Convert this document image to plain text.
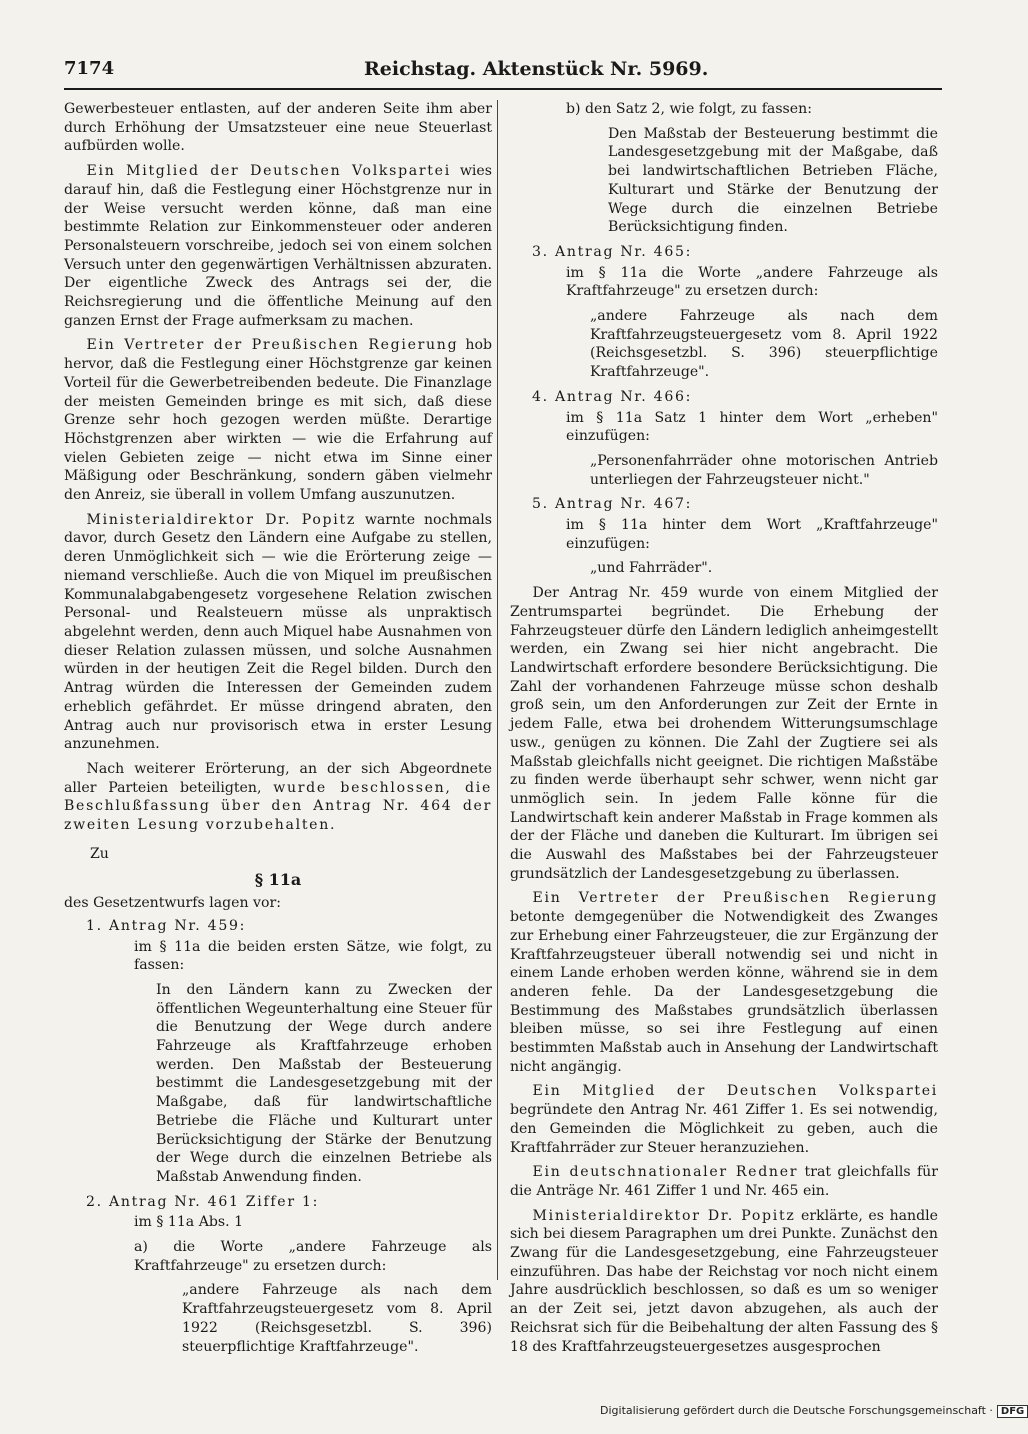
7174	Reichstag. Aktenstück Nr. 5969.

Gewerbesteuer entlasten, auf der anderen Seite ihm aber durch Erhöhung der Umsatzsteuer eine neue Steuerlast aufbürden wolle.

Ein Mitglied der Deutschen Volkspartei wies darauf hin, daß die Festlegung einer Höchstgrenze nur in der Weise versucht werden könne, daß man eine bestimmte Relation zur Einkommensteuer oder anderen Personalsteuern vorschreibe, jedoch sei von einem solchen Versuch unter den gegenwärtigen Verhältnissen abzuraten. Der eigentliche Zweck des Antrags sei der, die Reichsregierung und die öffentliche Meinung auf den ganzen Ernst der Frage aufmerksam zu machen.

Ein Vertreter der Preußischen Regierung hob hervor, daß die Festlegung einer Höchstgrenze gar keinen Vorteil für die Gewerbetreibenden bedeute. Die Finanzlage der meisten Gemeinden bringe es mit sich, daß diese Grenze sehr hoch gezogen werden müßte. Derartige Höchstgrenzen aber wirkten — wie die Erfahrung auf vielen Gebieten zeige — nicht etwa im Sinne einer Mäßigung oder Beschränkung, sondern gäben vielmehr den Anreiz, sie überall in vollem Umfang auszunutzen.

Ministerialdirektor Dr. Popitz warnte nochmals davor, durch Gesetz den Ländern eine Aufgabe zu stellen, deren Unmöglichkeit sich — wie die Erörterung zeige — niemand verschließe. Auch die von Miquel im preußischen Kommunalabgabengesetz vorgesehene Relation zwischen Personal- und Realsteuern müsse als unpraktisch abgelehnt werden, denn auch Miquel habe Ausnahmen von dieser Relation zulassen müssen, und solche Ausnahmen würden in der heutigen Zeit die Regel bilden. Durch den Antrag würden die Interessen der Gemeinden zudem erheblich gefährdet. Er müsse dringend abraten, den Antrag auch nur provisorisch etwa in erster Lesung anzunehmen.

Nach weiterer Erörterung, an der sich Abgeordnete aller Parteien beteiligten, wurde beschlossen, die Beschlußfassung über den Antrag Nr. 464 der zweiten Lesung vorzubehalten.

Zu
§ 11a
des Gesetzentwurfs lagen vor:
1. Antrag Nr. 459:

im § 11a die beiden ersten Sätze, wie folgt, zu fassen:

In den Ländern kann zu Zwecken der öffentlichen Wegeunterhaltung eine Steuer für die Benutzung der Wege durch andere Fahrzeuge als Kraftfahrzeuge erhoben werden. Den Maßstab der Besteuerung bestimmt die Landesgesetzgebung mit der Maßgabe, daß für landwirtschaftliche Betriebe die Fläche und Kulturart unter Berücksichtigung der Stärke der Benutzung der Wege durch die einzelnen Betriebe als Maßstab Anwendung finden.

2. Antrag Nr. 461 Ziffer 1:

im § 11a Abs. 1

a) die Worte „andere Fahrzeuge als Kraftfahrzeuge" zu ersetzen durch:

„andere Fahrzeuge als nach dem Kraftfahrzeugsteuergesetz vom 8. April 1922 (Reichsgesetzbl. S. 396) steuerpflichtige Kraftfahrzeuge".

b) den Satz 2, wie folgt, zu fassen:

Den Maßstab der Besteuerung bestimmt die Landesgesetzgebung mit der Maßgabe, daß bei landwirtschaftlichen Betrieben Fläche, Kulturart und Stärke der Benutzung der Wege durch die einzelnen Betriebe Berücksichtigung finden.

3. Antrag Nr. 465:

im § 11a die Worte „andere Fahrzeuge als Kraftfahrzeuge" zu ersetzen durch:

„andere Fahrzeuge als nach dem Kraftfahrzeugsteuergesetz vom 8. April 1922 (Reichsgesetzbl. S. 396) steuerpflichtige Kraftfahrzeuge".

4. Antrag Nr. 466:

im § 11a Satz 1 hinter dem Wort „erheben" einzufügen:

„Personenfahrräder ohne motorischen Antrieb unterliegen der Fahrzeugsteuer nicht."

5. Antrag Nr. 467:

im § 11a hinter dem Wort „Kraftfahrzeuge" einzufügen:

„und Fahrräder".

Der Antrag Nr. 459 wurde von einem Mitglied der Zentrumspartei begründet. Die Erhebung der Fahrzeugsteuer dürfe den Ländern lediglich anheimgestellt werden, ein Zwang sei hier nicht angebracht. Die Landwirtschaft erfordere besondere Berücksichtigung. Die Zahl der vorhandenen Fahrzeuge müsse schon deshalb groß sein, um den Anforderungen zur Zeit der Ernte in jedem Falle, etwa bei drohendem Witterungsumschlage usw., genügen zu können. Die Zahl der Zugtiere sei als Maßstab gleichfalls nicht geeignet. Die richtigen Maßstäbe zu finden werde überhaupt sehr schwer, wenn nicht gar unmöglich sein. In jedem Falle könne für die Landwirtschaft kein anderer Maßstab in Frage kommen als der der Fläche und daneben die Kulturart. Im übrigen sei die Auswahl des Maßstabes bei der Fahrzeugsteuer grundsätzlich der Landesgesetzgebung zu überlassen.

Ein Vertreter der Preußischen Regierung betonte demgegenüber die Notwendigkeit des Zwanges zur Erhebung einer Fahrzeugsteuer, die zur Ergänzung der Kraftfahrzeugsteuer überall notwendig sei und nicht in einem Lande erhoben werden könne, während sie in dem anderen fehle. Da der Landesgesetzgebung die Bestimmung des Maßstabes grundsätzlich überlassen bleiben müsse, so sei ihre Festlegung auf einen bestimmten Maßstab auch in Ansehung der Landwirtschaft nicht angängig.

Ein Mitglied der Deutschen Volkspartei begründete den Antrag Nr. 461 Ziffer 1. Es sei notwendig, den Gemeinden die Möglichkeit zu geben, auch die Kraftfahrräder zur Steuer heranzuziehen.

Ein deutschnationaler Redner trat gleichfalls für die Anträge Nr. 461 Ziffer 1 und Nr. 465 ein.

Ministerialdirektor Dr. Popitz erklärte, es handle sich bei diesem Paragraphen um drei Punkte. Zunächst den Zwang für die Landesgesetzgebung, eine Fahrzeugsteuer einzuführen. Das habe der Reichstag vor noch nicht einem Jahre ausdrücklich beschlossen, so daß es um so weniger an der Zeit sei, jetzt davon abzugehen, als auch der Reichsrat sich für die Beibehaltung der alten Fassung des § 18 des Kraftfahrzeugsteuergesetzes ausgesprochen

Digitalisierung gefördert durch die Deutsche Forschungsgemeinschaft · DFG
